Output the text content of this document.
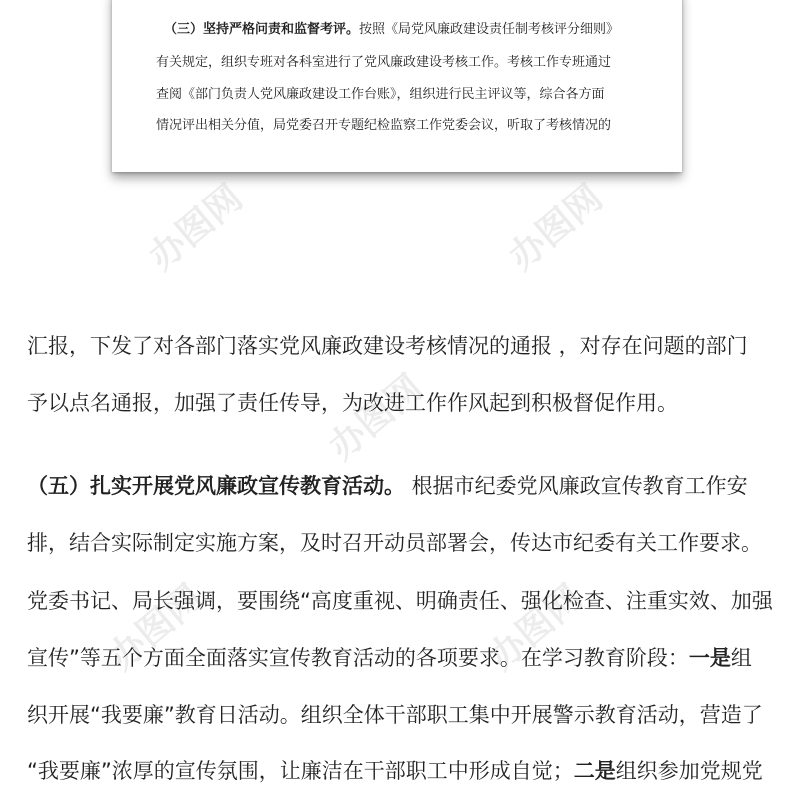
（三）坚持严格问责和监督考评。按照《局党风廉政建设责任制考核评分细则》
有关规定，组织专班对各科室进行了党风廉政建设考核工作。考核工作专班通过
查阅《部门负责人党风廉政建设工作台账》，组织进行民主评议等，综合各方面
情况评出相关分值，局党委召开专题纪检监察工作党委会议，听取了考核情况的
办图网	办图网
办图网
办图网	办图网
汇报，下发了对各部门落实党风廉政建设考核情况的通报 ，对存在问题的部门
予以点名通报，加强了责任传导，为改进工作作风起到积极督促作用。
（五）扎实开展党风廉政宣传教育活动。 根据市纪委党风廉政宣传教育工作安
排，结合实际制定实施方案，及时召开动员部署会，传达市纪委有关工作要求。
党委书记、局长强调，要围绕“高度重视、明确责任、强化检查、注重实效、加强
宣传”等五个方面全面落实宣传教育活动的各项要求。在学习教育阶段：一是组
织开展“我要廉”教育日活动。组织全体干部职工集中开展警示教育活动，营造了
“我要廉”浓厚的宣传氛围，让廉洁在干部职工中形成自觉；二是组织参加党规党
